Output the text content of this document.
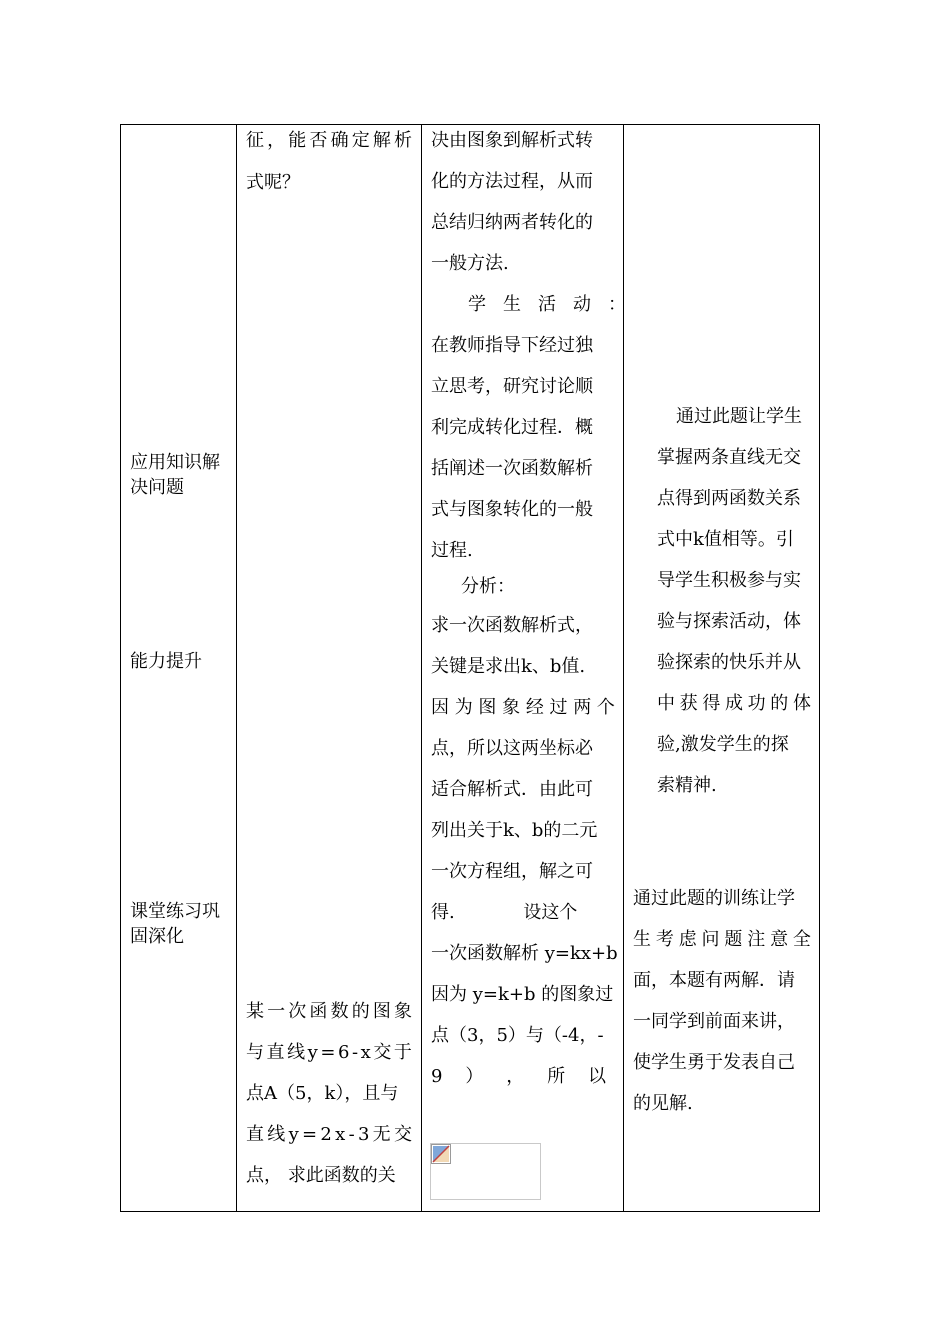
应用知识解决问题
能力提升
课堂练习巩固深化
征 ， 能 否 确 定 解 析
式呢？
某 一 次 函 数 的 图 象
与 直 线 y = 6 - x 交 于
点A（5，k），且与
直 线 y = 2 x - 3 无 交
点， 求此函数的关
决由图象到解析式转
化的方法过程，从而
总结归纳两者转化的
一般方法.
学生活动：
在教师指导下经过独
立思考，研究讨论顺
利完成转化过程．概
括阐述一次函数解析
式与图象转化的一般
过程.
分析：
求一次函数解析式，
关键是求出k、b值.
因 为 图 象 经 过 两 个
点，所以这两坐标必
适合解析式．由此可
列出关于k、b的二元
一次方程组，解之可
得.            设这个
一次函数解析 y=kx+b
因为 y=k+b 的图象过
点（3，5）与（-4，-
9    ）    ，    所    以
通过此题让学生
掌握两条直线无交
点得到两函数关系
式中k值相等。引
导学生积极参与实
验与探索活动，体
验探索的快乐并从
中 获 得 成 功 的 体
验,激发学生的探
索精神.
通过此题的训练让学
生 考 虑 问 题 注 意 全
面，本题有两解．请
一同学到前面来讲，
使学生勇于发表自己
的见解.
